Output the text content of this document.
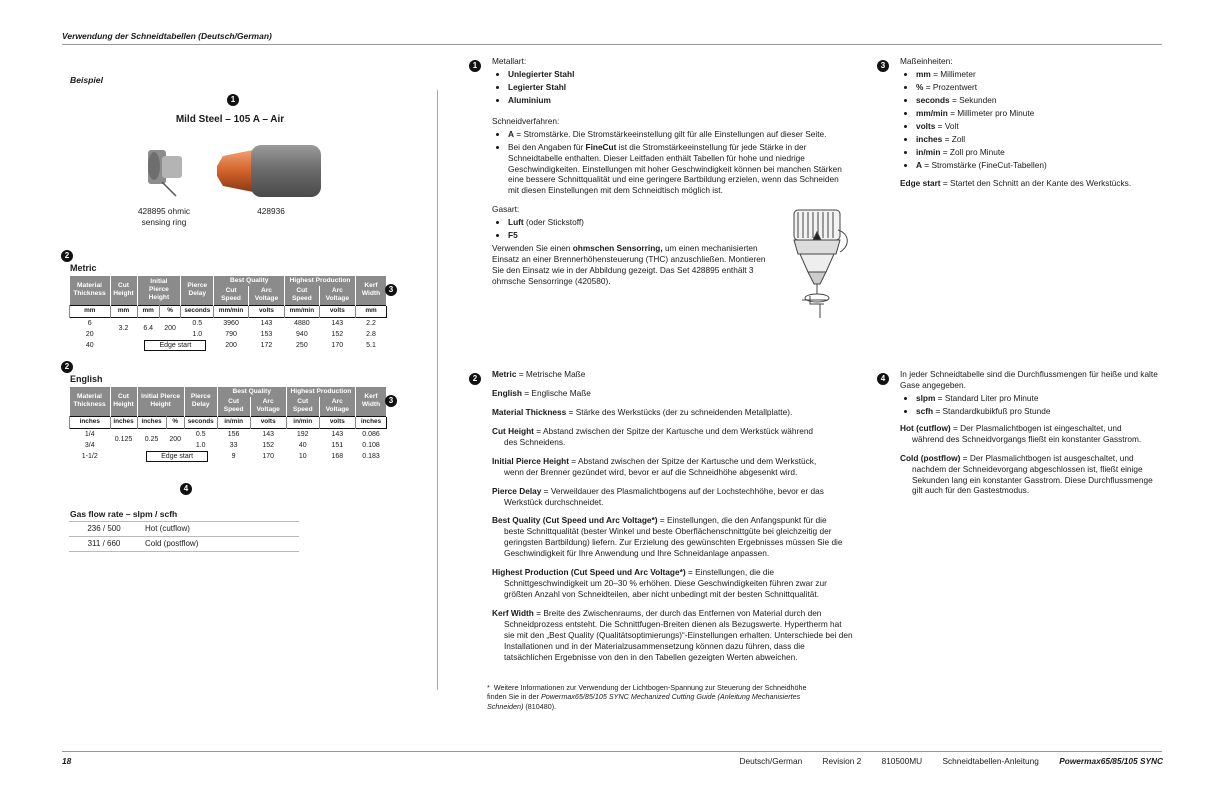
Verwendung der Schneidtabellen (Deutsch/German)
Beispiel
1
Mild Steel – 105 A – Air
428895 ohmic
sensing ring
428936
2
Metric
Material Thickness	Cut Height	Initial Pierce Height		Pierce Delay	Best Quality		Highest Production		Kerf Width
					Cut Speed	Arc Voltage	Cut Speed	Arc Voltage	
mm	mm	mm	%	seconds	mm/min	volts	mm/min	volts	mm
6	3.2	6.4	200	0.5	3960	143	4880	143	2.2
20				1.0	790	153	940	152	2.8
40		Edge start			200	172	250	170	5.1
3
2
English
Material Thickness	Cut Height	Initial Pierce Height		Pierce Delay	Best Quality		Highest Production		Kerf Width
					Cut Speed	Arc Voltage	Cut Speed	Arc Voltage	
inches	inches	inches	%	seconds	in/min	volts	in/min	volts	inches
1/4	0.125	0.25	200	0.5	156	143	192	143	0.086
3/4				1.0	33	152	40	151	0.108
1-1/2		Edge start			9	170	10	168	0.183
3
4
Gas flow rate – slpm / scfh
236 / 500	Hot (cutflow)
311 / 660	Cold (postflow)
1	Metallart:

• Unlegierter Stahl
• Legierter Stahl
• Aluminium

Schneidverfahren:

• A = Stromstärke. Die Stromstärkeeinstellung gilt für alle Einstellungen auf dieser Seite.
• Bei den Angaben für FineCut ist die Stromstärkeeinstellung für jede Stärke in der Schneidtabelle enthalten. Dieser Leitfaden enthält Tabellen für hohe und niedrige Geschwindigkeiten. Einstellungen mit hoher Geschwindigkeit können bei manchen Stärken eine bessere Schnittqualität und eine geringere Bartbildung erzielen, wenn das Schneiden mit diesen Einstellungen mit dem Schneidtisch möglich ist.

Gasart:

• Luft (oder Stickstoff)
• F5

Verwenden Sie einen ohmschen Sensorring, um einen mechanisierten Einsatz an einer Brennerhöhensteuerung (THC) anzuschließen. Montieren Sie den Einsatz wie in der Abbildung gezeigt. Das Set 428895 enthält 3 ohmsche Sensorringe (420580).

3	Maßeinheiten:

• mm = Millimeter
• % = Prozentwert
• seconds = Sekunden
• mm/min = Millimeter pro Minute
• volts = Volt
• inches = Zoll
• in/min = Zoll pro Minute
• A = Stromstärke (FineCut-Tabellen)

Edge start = Startet den Schnitt an der Kante des Werkstücks.

2	Metric = Metrische Maße

English = Englische Maße

Material Thickness = Stärke des Werkstücks (der zu schneidenden Metallplatte).

Cut Height = Abstand zwischen der Spitze der Kartusche und dem Werkstück während
des Schneidens.

Initial Pierce Height = Abstand zwischen der Spitze der Kartusche und dem Werkstück,
wenn der Brenner gezündet wird, bevor er auf die Schneidhöhe abgesenkt wird.

Pierce Delay = Verweildauer des Plasmalichtbogens auf der Lochstechhöhe, bevor er das
Werkstück durchschneidet.

Best Quality (Cut Speed und Arc Voltage*) = Einstellungen, die den Anfangspunkt für die
beste Schnittqualität (bester Winkel und beste Oberflächenschnittgüte bei gleichzeitig der geringsten Bartbildung) liefern. Zur Erzielung des gewünschten Ergebnisses müssen Sie die Geschwindigkeit für Ihre Anwendung und Ihre Schneidanlage anpassen.

Highest Production (Cut Speed und Arc Voltage*) = Einstellungen, die die
Schnittgeschwindigkeit um 20–30 % erhöhen. Diese Geschwindigkeiten führen zwar zur größten Anzahl von Schneidteilen, aber nicht unbedingt mit der besten Schnittqualität.

Kerf Width = Breite des Zwischenraums, der durch das Entfernen von Material durch den
Schneidprozess entsteht. Die Schnittfugen-Breiten dienen als Bezugswerte. Hypertherm hat sie mit den „Best Quality (Qualitätsoptimierungs)“-Einstellungen erhalten. Unterschiede bei den Installationen und in der Materialzusammensetzung können dazu führen, dass die tatsächlichen Ergebnisse von den in den Tabellen gezeigten Werten abweichen.

* Weitere Informationen zur Verwendung der Lichtbogen-Spannung zur Steuerung der Schneidhöhe finden Sie in der Powermax65/85/105 SYNC Mechanized Cutting Guide (Anleitung Mechanisiertes Schneiden) (810480).
4	In jeder Schneidtabelle sind die Durchflussmengen für heiße und kalte Gase angegeben.

• slpm = Standard Liter pro Minute
• scfh = Standardkubikfuß pro Stunde

Hot (cutflow) = Der Plasmalichtbogen ist eingeschaltet, und
während des Schneidvorgangs fließt ein konstanter Gasstrom.

Cold (postflow) = Der Plasmalichtbogen ist ausgeschaltet, und
nachdem der Schneidevorgang abgeschlossen ist, fließt einige Sekunden lang ein konstanter Gasstrom. Diese Durchflussmenge gilt auch für den Gastestmodus.

18	Deutsch/German Revision 2 810500MU Schneidtabellen-Anleitung Powermax65/85/105 SYNC
